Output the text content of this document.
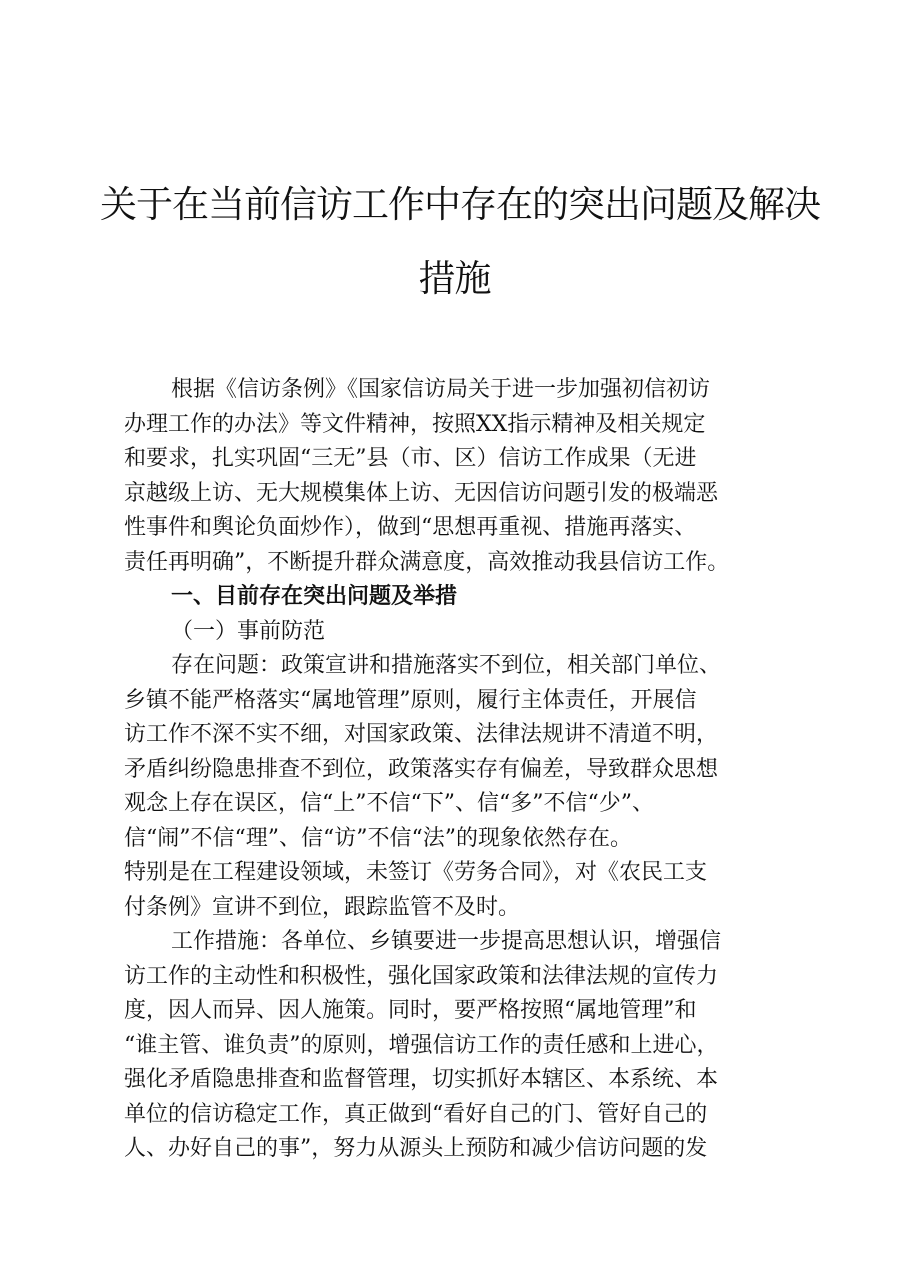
关于在当前信访工作中存在的突出问题及解决
措施
根据《信访条例》《国家信访局关于进一步加强初信初访
办理工作的办法》等文件精神，按照XX指示精神及相关规定
和要求，扎实巩固“三无”县（市、区）信访工作成果（无进
京越级上访、无大规模集体上访、无因信访问题引发的极端恶
性事件和舆论负面炒作），做到“思想再重视、措施再落实、
责任再明确”，不断提升群众满意度，高效推动我县信访工作。
一、目前存在突出问题及举措
（一）事前防范
存在问题：政策宣讲和措施落实不到位，相关部门单位、
乡镇不能严格落实“属地管理”原则，履行主体责任，开展信
访工作不深不实不细，对国家政策、法律法规讲不清道不明，
矛盾纠纷隐患排查不到位，政策落实存有偏差，导致群众思想
观念上存在误区，信“上”不信“下”、信“多”不信“少”、
信“闹”不信“理”、信“访”不信“法”的现象依然存在。
特别是在工程建设领域，未签订《劳务合同》，对《农民工支
付条例》宣讲不到位，跟踪监管不及时。
工作措施：各单位、乡镇要进一步提高思想认识，增强信
访工作的主动性和积极性，强化国家政策和法律法规的宣传力
度，因人而异、因人施策。同时，要严格按照“属地管理”和
“谁主管、谁负责”的原则，增强信访工作的责任感和上进心，
强化矛盾隐患排查和监督管理，切实抓好本辖区、本系统、本
单位的信访稳定工作，真正做到“看好自己的门、管好自己的
人、办好自己的事”，努力从源头上预防和减少信访问题的发
